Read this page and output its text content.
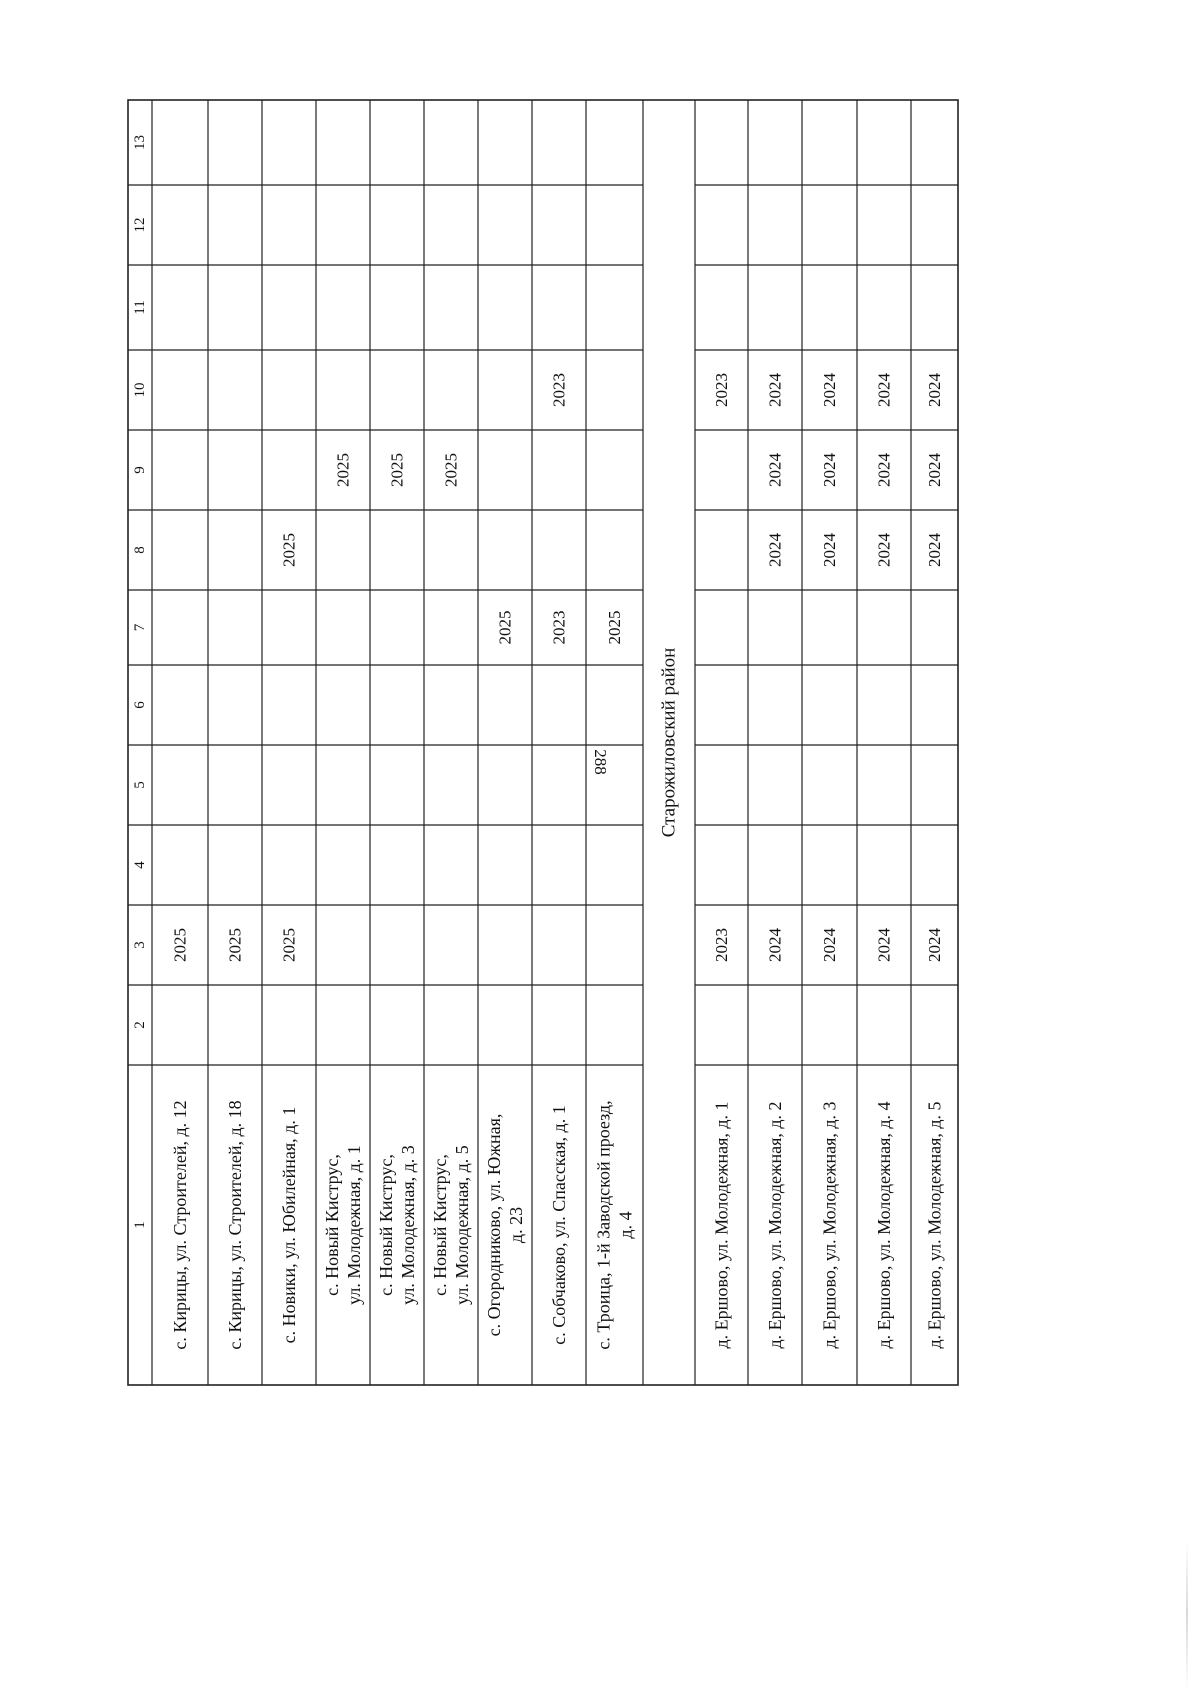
288
1
2
3
4
5
6
7
8
9
10
11
12
13
с. Кирицы, ул. Строителей, д. 12
2025
с. Кирицы, ул. Строителей, д. 18
2025
с. Новики, ул. Юбилейная, д. 1
2025
2025
с. Новый Киструс, ул. Молодежная, д. 1
2025
с. Новый Киструс, ул. Молодежная, д. 3
2025
с. Новый Киструс, ул. Молодежная, д. 5
2025
с. Огородниково, ул. Южная, д. 23
2025
с. Собчаково, ул. Спасская, д. 1
2023
2023
с. Троица, 1-й Заводской проезд, д. 4
2025
Старожиловский район
д. Ершово, ул. Молодежная, д. 1
2023
2023
д. Ершово, ул. Молодежная, д. 2
2024
2024
2024
2024
д. Ершово, ул. Молодежная, д. 3
2024
2024
2024
2024
д. Ершово, ул. Молодежная, д. 4
2024
2024
2024
2024
д. Ершово, ул. Молодежная, д. 5
2024
2024
2024
2024
